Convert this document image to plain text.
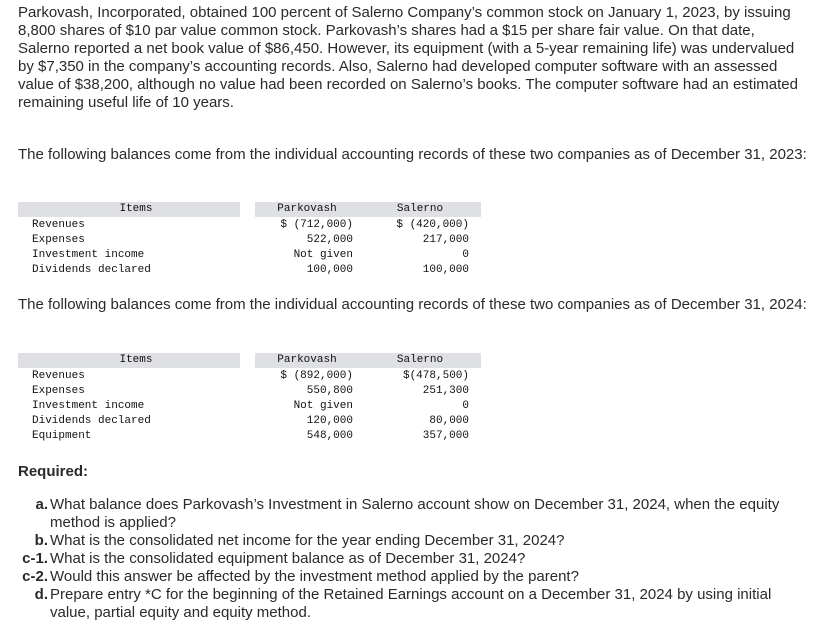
Parkovash, Incorporated, obtained 100 percent of Salerno Company’s common stock on January 1, 2023, by issuing 8,800 shares of $10 par value common stock. Parkovash’s shares had a $15 per share fair value. On that date, Salerno reported a net book value of $86,450. However, its equipment (with a 5-year remaining life) was undervalued by $7,350 in the company’s accounting records. Also, Salerno had developed computer software with an assessed value of $38,200, although no value had been recorded on Salerno’s books. The computer software had an estimated remaining useful life of 10 years.

The following balances come from the individual accounting records of these two companies as of December 31, 2023:

Items		Parkovash	Salerno
Revenues		$ (712,000)	$ (420,000)
Expenses		522,000	217,000
Investment income		Not given	0
Dividends declared		100,000	100,000

The following balances come from the individual accounting records of these two companies as of December 31, 2024:

Items		Parkovash	Salerno
Revenues		$ (892,000)	$(478,500)
Expenses		550,800	251,300
Investment income		Not given	0
Dividends declared		120,000	80,000
Equipment		548,000	357,000
Required:

a. What balance does Parkovash’s Investment in Salerno account show on December 31, 2024, when the equity method is applied?

b. What is the consolidated net income for the year ending December 31, 2024?

c-1. What is the consolidated equipment balance as of December 31, 2024?

c-2. Would this answer be affected by the investment method applied by the parent?

d. Prepare entry *C for the beginning of the Retained Earnings account on a December 31, 2024 by using initial value, partial equity and equity method.
